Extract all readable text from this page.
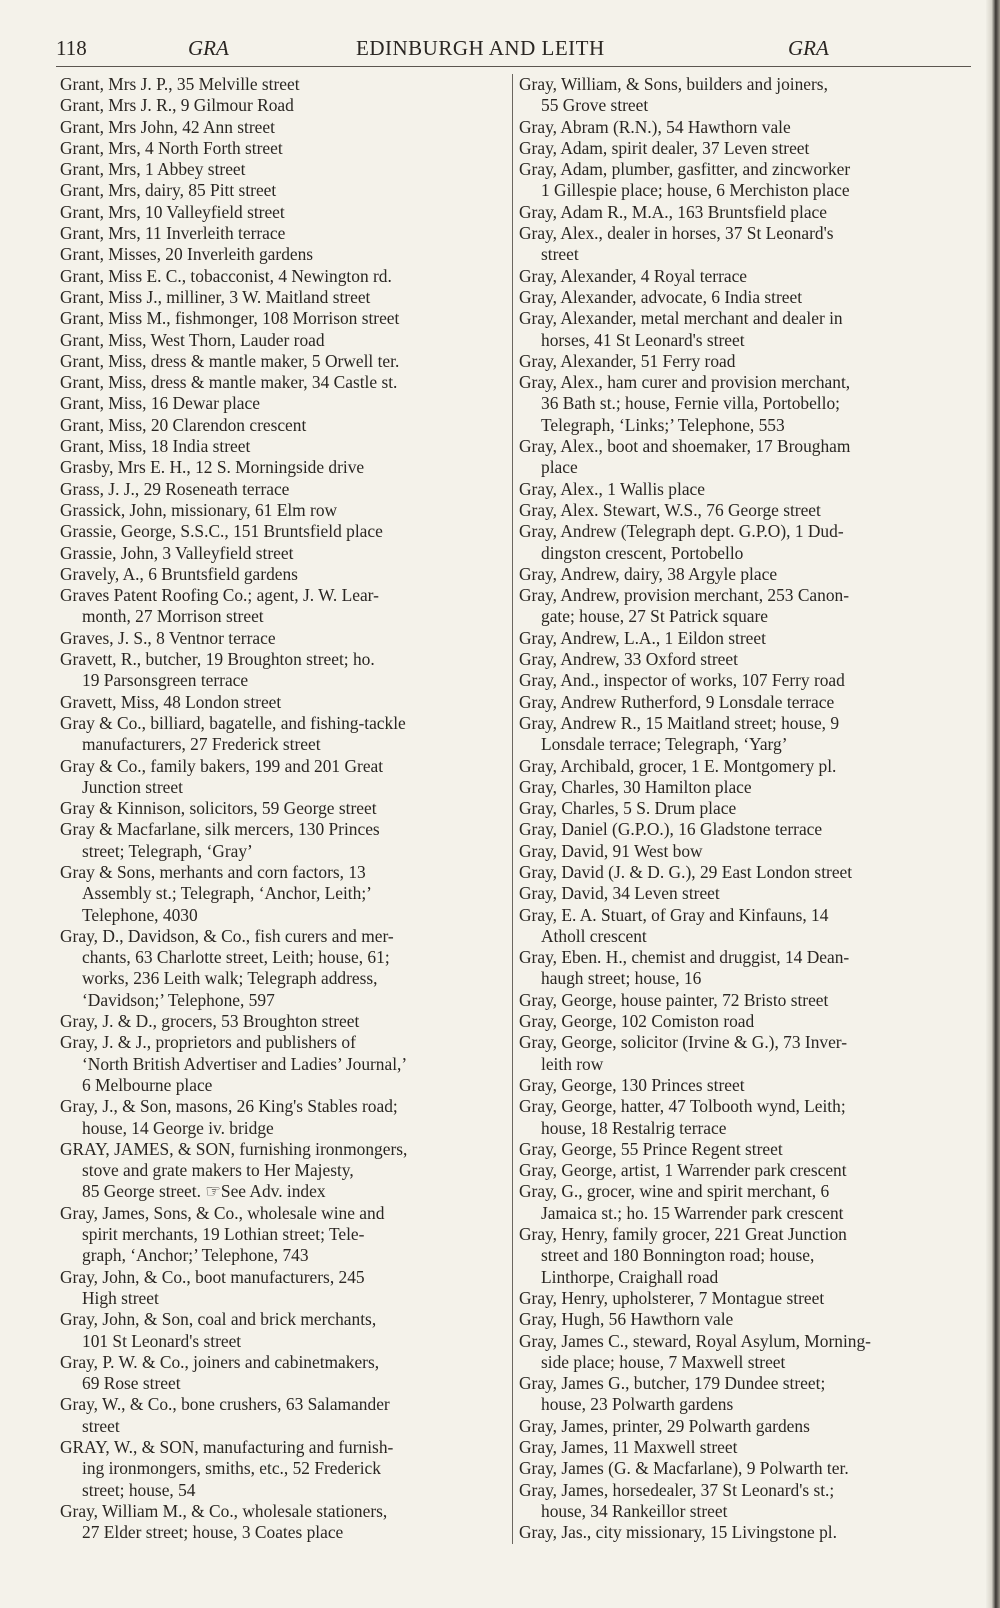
118	GRA	EDINBURGH AND LEITH	GRA
Grant, Mrs J. P., 35 Melville street
Grant, Mrs J. R., 9 Gilmour Road
Grant, Mrs John, 42 Ann street
Grant, Mrs, 4 North Forth street
Grant, Mrs, 1 Abbey street
Grant, Mrs, dairy, 85 Pitt street
Grant, Mrs, 10 Valleyfield street
Grant, Mrs, 11 Inverleith terrace
Grant, Misses, 20 Inverleith gardens
Grant, Miss E. C., tobacconist, 4 Newington rd.
Grant, Miss J., milliner, 3 W. Maitland street
Grant, Miss M., fishmonger, 108 Morrison street
Grant, Miss, West Thorn, Lauder road
Grant, Miss, dress & mantle maker, 5 Orwell ter.
Grant, Miss, dress & mantle maker, 34 Castle st.
Grant, Miss, 16 Dewar place
Grant, Miss, 20 Clarendon crescent
Grant, Miss, 18 India street
Grasby, Mrs E. H., 12 S. Morningside drive
Grass, J. J., 29 Roseneath terrace
Grassick, John, missionary, 61 Elm row
Grassie, George, S.S.C., 151 Bruntsfield place
Grassie, John, 3 Valleyfield street
Gravely, A., 6 Bruntsfield gardens
Graves Patent Roofing Co.; agent, J. W. Lear-
month, 27 Morrison street
Graves, J. S., 8 Ventnor terrace
Gravett, R., butcher, 19 Broughton street; ho.
19 Parsonsgreen terrace
Gravett, Miss, 48 London street
Gray & Co., billiard, bagatelle, and fishing-tackle
manufacturers, 27 Frederick street
Gray & Co., family bakers, 199 and 201 Great
Junction street
Gray & Kinnison, solicitors, 59 George street
Gray & Macfarlane, silk mercers, 130 Princes
street; Telegraph, ‘Gray’
Gray & Sons, merhants and corn factors, 13
Assembly st.; Telegraph, ‘Anchor, Leith;’
Telephone, 4030
Gray, D., Davidson, & Co., fish curers and mer-
chants, 63 Charlotte street, Leith; house, 61;
works, 236 Leith walk; Telegraph address,
‘Davidson;’ Telephone, 597
Gray, J. & D., grocers, 53 Broughton street
Gray, J. & J., proprietors and publishers of
‘North British Advertiser and Ladies’ Journal,’
6 Melbourne place
Gray, J., & Son, masons, 26 King's Stables road;
house, 14 George iv. bridge
GRAY, JAMES, & SON, furnishing ironmongers,
stove and grate makers to Her Majesty,
85 George street. ☞See Adv. index
Gray, James, Sons, & Co., wholesale wine and
spirit merchants, 19 Lothian street; Tele-
graph, ‘Anchor;’ Telephone, 743
Gray, John, & Co., boot manufacturers, 245
High street
Gray, John, & Son, coal and brick merchants,
101 St Leonard's street
Gray, P. W. & Co., joiners and cabinetmakers,
69 Rose street
Gray, W., & Co., bone crushers, 63 Salamander
street
GRAY, W., & SON, manufacturing and furnish-
ing ironmongers, smiths, etc., 52 Frederick
street; house, 54
Gray, William M., & Co., wholesale stationers,
27 Elder street; house, 3 Coates place
Gray, William, & Sons, builders and joiners,
55 Grove street
Gray, Abram (R.N.), 54 Hawthorn vale
Gray, Adam, spirit dealer, 37 Leven street
Gray, Adam, plumber, gasfitter, and zincworker
1 Gillespie place; house, 6 Merchiston place
Gray, Adam R., M.A., 163 Bruntsfield place
Gray, Alex., dealer in horses, 37 St Leonard's
street
Gray, Alexander, 4 Royal terrace
Gray, Alexander, advocate, 6 India street
Gray, Alexander, metal merchant and dealer in
horses, 41 St Leonard's street
Gray, Alexander, 51 Ferry road
Gray, Alex., ham curer and provision merchant,
36 Bath st.; house, Fernie villa, Portobello;
Telegraph, ‘Links;’ Telephone, 553
Gray, Alex., boot and shoemaker, 17 Brougham
place
Gray, Alex., 1 Wallis place
Gray, Alex. Stewart, W.S., 76 George street
Gray, Andrew (Telegraph dept. G.P.O), 1 Dud-
dingston crescent, Portobello
Gray, Andrew, dairy, 38 Argyle place
Gray, Andrew, provision merchant, 253 Canon-
gate; house, 27 St Patrick square
Gray, Andrew, L.A., 1 Eildon street
Gray, Andrew, 33 Oxford street
Gray, And., inspector of works, 107 Ferry road
Gray, Andrew Rutherford, 9 Lonsdale terrace
Gray, Andrew R., 15 Maitland street; house, 9
Lonsdale terrace; Telegraph, ‘Yarg’
Gray, Archibald, grocer, 1 E. Montgomery pl.
Gray, Charles, 30 Hamilton place
Gray, Charles, 5 S. Drum place
Gray, Daniel (G.P.O.), 16 Gladstone terrace
Gray, David, 91 West bow
Gray, David (J. & D. G.), 29 East London street
Gray, David, 34 Leven street
Gray, E. A. Stuart, of Gray and Kinfauns, 14
Atholl crescent
Gray, Eben. H., chemist and druggist, 14 Dean-
haugh street; house, 16
Gray, George, house painter, 72 Bristo street
Gray, George, 102 Comiston road
Gray, George, solicitor (Irvine & G.), 73 Inver-
leith row
Gray, George, 130 Princes street
Gray, George, hatter, 47 Tolbooth wynd, Leith;
house, 18 Restalrig terrace
Gray, George, 55 Prince Regent street
Gray, George, artist, 1 Warrender park crescent
Gray, G., grocer, wine and spirit merchant, 6
Jamaica st.; ho. 15 Warrender park crescent
Gray, Henry, family grocer, 221 Great Junction
street and 180 Bonnington road; house,
Linthorpe, Craighall road
Gray, Henry, upholsterer, 7 Montague street
Gray, Hugh, 56 Hawthorn vale
Gray, James C., steward, Royal Asylum, Morning-
side place; house, 7 Maxwell street
Gray, James G., butcher, 179 Dundee street;
house, 23 Polwarth gardens
Gray, James, printer, 29 Polwarth gardens
Gray, James, 11 Maxwell street
Gray, James (G. & Macfarlane), 9 Polwarth ter.
Gray, James, horsedealer, 37 St Leonard's st.;
house, 34 Rankeillor street
Gray, Jas., city missionary, 15 Livingstone pl.
